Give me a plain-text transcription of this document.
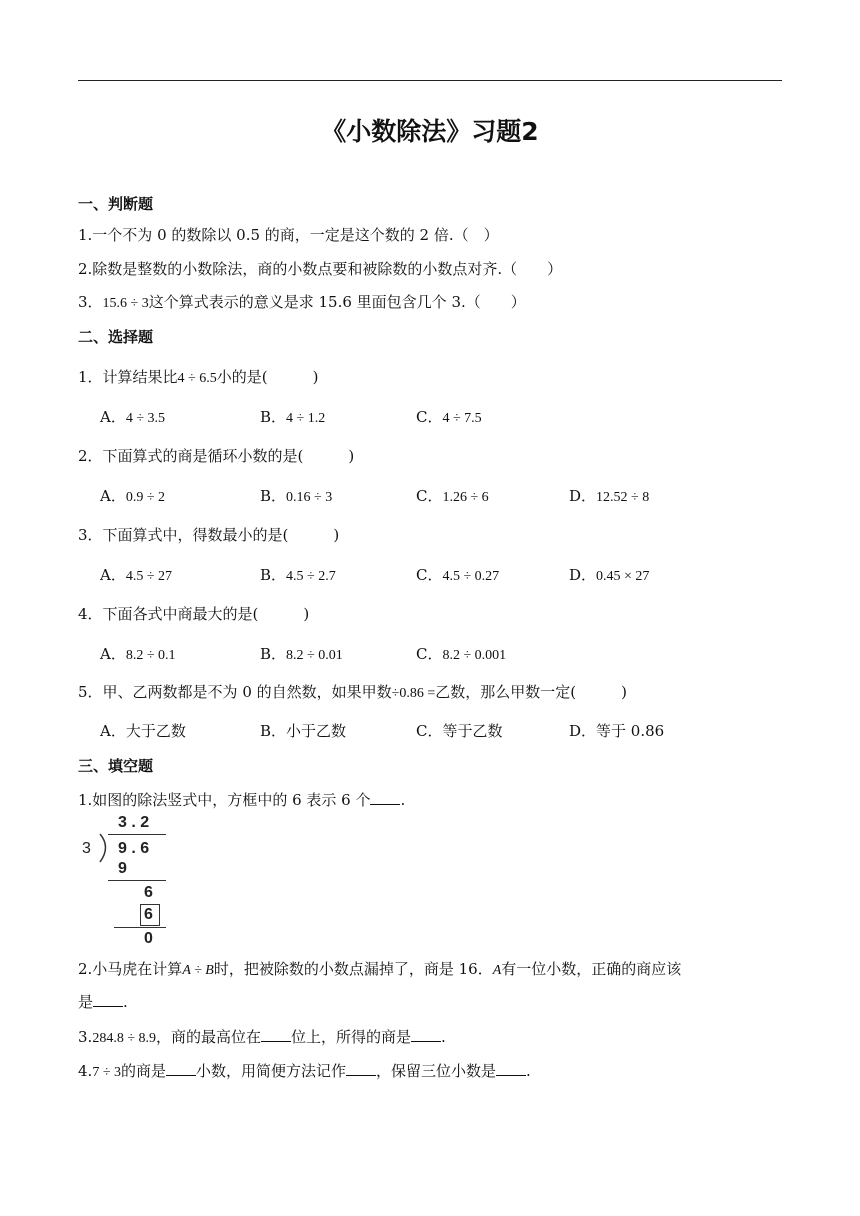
《小数除法》习题2
一、判断题
1.一个不为 0 的数除以 0.5 的商，一定是这个数的 2 倍.（　）
2.除数是整数的小数除法，商的小数点要和被除数的小数点对齐.（　　）
3．15.6 ÷ 3这个算式表示的意义是求 15.6 里面包含几个 3.（　　）
二、选择题
1．计算结果比4 ÷ 6.5小的是(　　　)
A．4 ÷ 3.5	B．4 ÷ 1.2	C．4 ÷ 7.5
2．下面算式的商是循环小数的是(　　　)
A．0.9 ÷ 2	B．0.16 ÷ 3	C．1.26 ÷ 6	D．12.52 ÷ 8
3．下面算式中，得数最小的是(　　　)
A．4.5 ÷ 27	B．4.5 ÷ 2.7	C．4.5 ÷ 0.27	D．0.45 × 27
4．下面各式中商最大的是(　　　)
A．8.2 ÷ 0.1	B．8.2 ÷ 0.01	C．8.2 ÷ 0.001
5．甲、乙两数都是不为 0 的自然数，如果甲数÷0.86 =乙数，那么甲数一定(　　　)
A．大于乙数	B．小于乙数	C．等于乙数	D．等于 0.86
三、填空题
1.如图的除法竖式中，方框中的 6 表示 6 个 .
3 . 2
3 9 . 6
9
6
6
0
2.小马虎在计算A ÷ B时，把被除数的小数点漏掉了，商是 16．A有一位小数，正确的商应该
是 .
3.284.8 ÷ 8.9，商的最高位在 位上，所得的商是 .
4.7 ÷ 3的商是 小数，用简便方法记作 ，保留三位小数是 .
